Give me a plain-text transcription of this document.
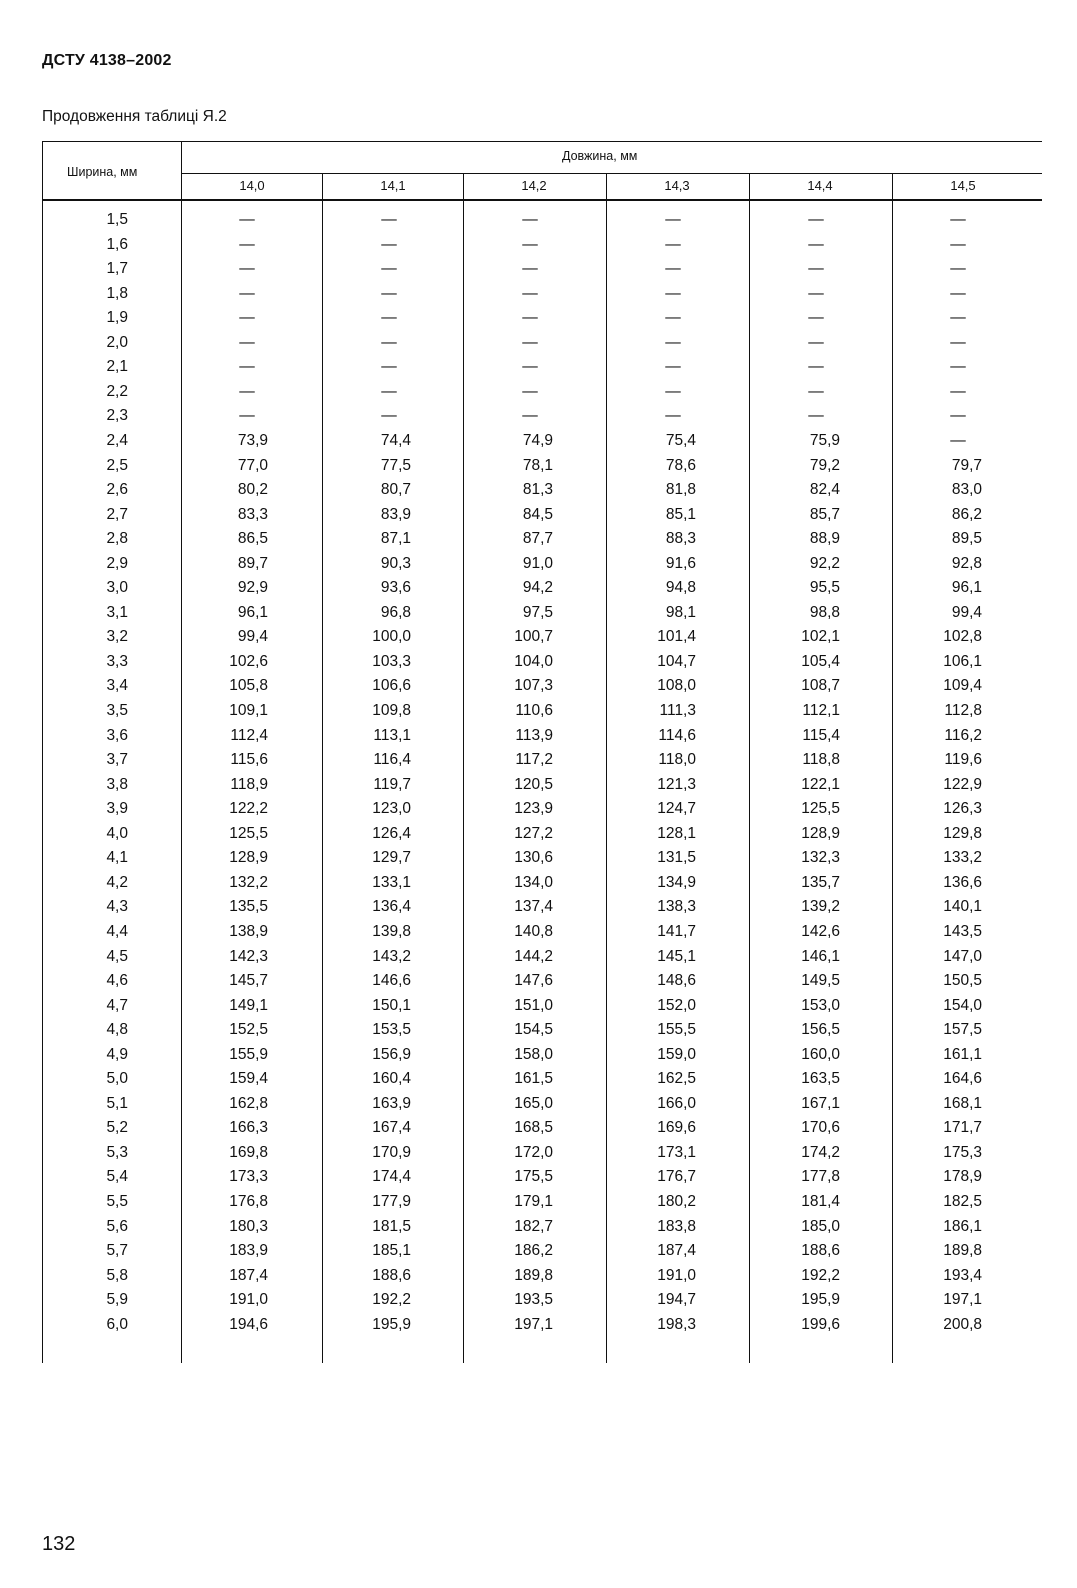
ДСТУ 4138–2002
Продовження таблиці Я.2
Ширина, мм
Довжина, мм
14,0	14,1	14,2	14,3	14,4	14,5
1,5	—	—	—	—	—	—
1,6	—	—	—	—	—	—
1,7	—	—	—	—	—	—
1,8	—	—	—	—	—	—
1,9	—	—	—	—	—	—
2,0	—	—	—	—	—	—
2,1	—	—	—	—	—	—
2,2	—	—	—	—	—	—
2,3	—	—	—	—	—	—
2,4	73,9	74,4	74,9	75,4	75,9	—
2,5	77,0	77,5	78,1	78,6	79,2	79,7
2,6	80,2	80,7	81,3	81,8	82,4	83,0
2,7	83,3	83,9	84,5	85,1	85,7	86,2
2,8	86,5	87,1	87,7	88,3	88,9	89,5
2,9	89,7	90,3	91,0	91,6	92,2	92,8
3,0	92,9	93,6	94,2	94,8	95,5	96,1
3,1	96,1	96,8	97,5	98,1	98,8	99,4
3,2	99,4	100,0	100,7	101,4	102,1	102,8
3,3	102,6	103,3	104,0	104,7	105,4	106,1
3,4	105,8	106,6	107,3	108,0	108,7	109,4
3,5	109,1	109,8	110,6	111,3	112,1	112,8
3,6	112,4	113,1	113,9	114,6	115,4	116,2
3,7	115,6	116,4	117,2	118,0	118,8	119,6
3,8	118,9	119,7	120,5	121,3	122,1	122,9
3,9	122,2	123,0	123,9	124,7	125,5	126,3
4,0	125,5	126,4	127,2	128,1	128,9	129,8
4,1	128,9	129,7	130,6	131,5	132,3	133,2
4,2	132,2	133,1	134,0	134,9	135,7	136,6
4,3	135,5	136,4	137,4	138,3	139,2	140,1
4,4	138,9	139,8	140,8	141,7	142,6	143,5
4,5	142,3	143,2	144,2	145,1	146,1	147,0
4,6	145,7	146,6	147,6	148,6	149,5	150,5
4,7	149,1	150,1	151,0	152,0	153,0	154,0
4,8	152,5	153,5	154,5	155,5	156,5	157,5
4,9	155,9	156,9	158,0	159,0	160,0	161,1
5,0	159,4	160,4	161,5	162,5	163,5	164,6
5,1	162,8	163,9	165,0	166,0	167,1	168,1
5,2	166,3	167,4	168,5	169,6	170,6	171,7
5,3	169,8	170,9	172,0	173,1	174,2	175,3
5,4	173,3	174,4	175,5	176,7	177,8	178,9
5,5	176,8	177,9	179,1	180,2	181,4	182,5
5,6	180,3	181,5	182,7	183,8	185,0	186,1
5,7	183,9	185,1	186,2	187,4	188,6	189,8
5,8	187,4	188,6	189,8	191,0	192,2	193,4
5,9	191,0	192,2	193,5	194,7	195,9	197,1
6,0	194,6	195,9	197,1	198,3	199,6	200,8
132
